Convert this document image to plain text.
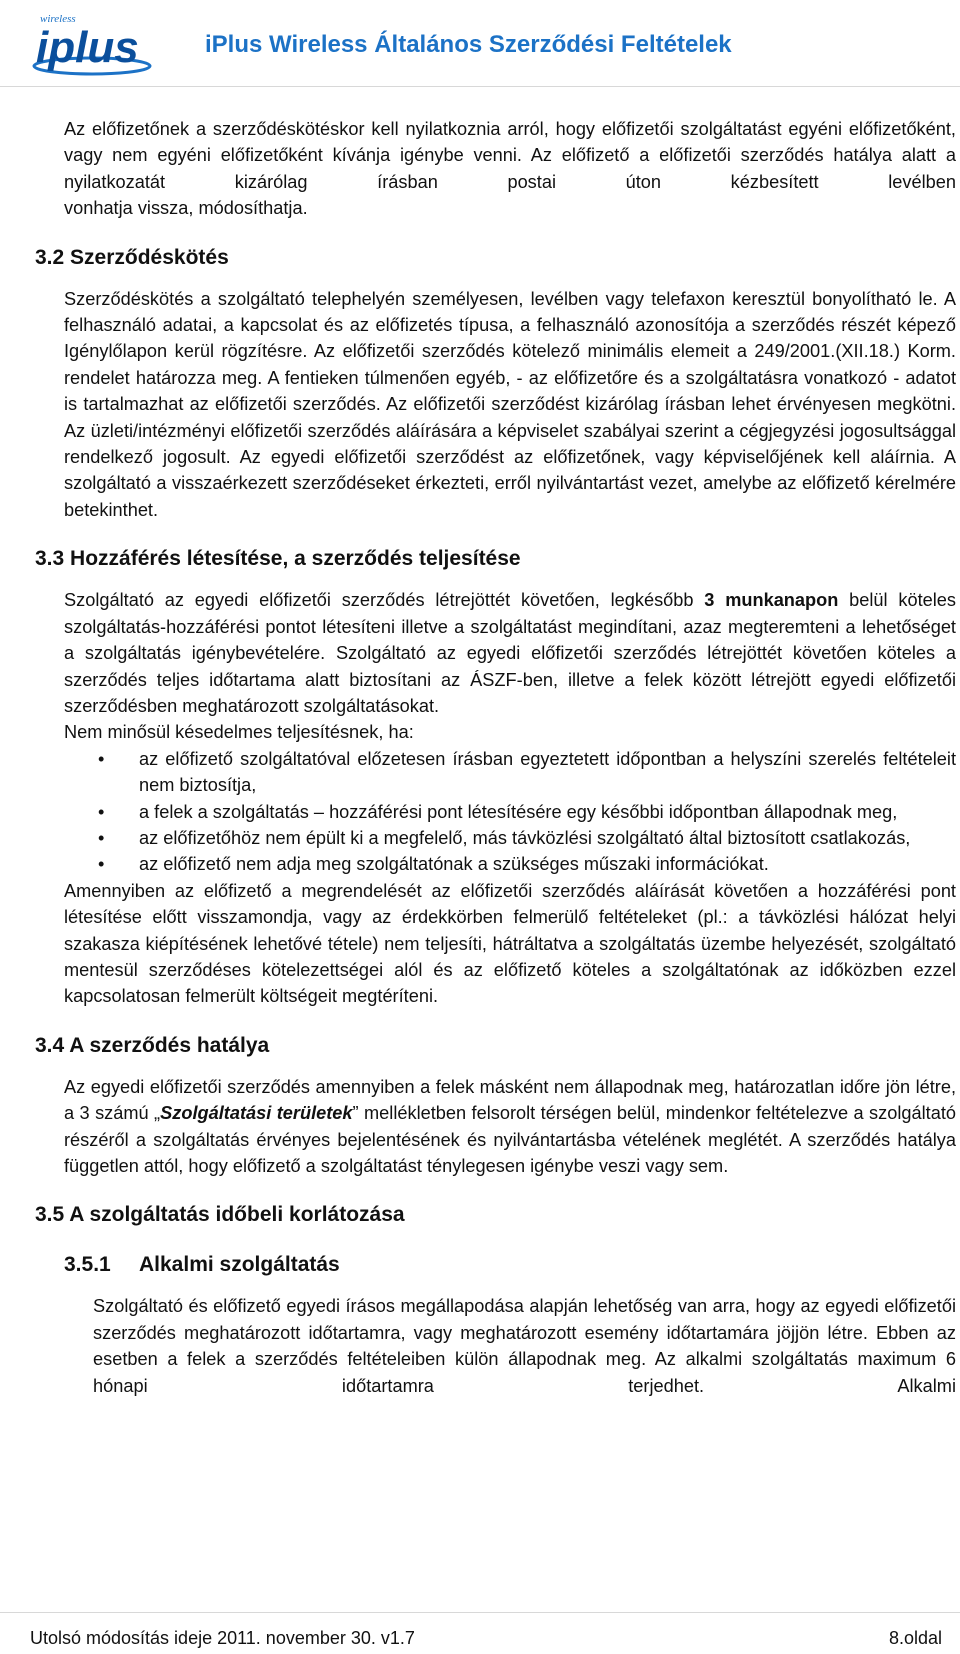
wireless
iplus	iPlus Wireless Általános Szerződési Feltételek

Az előfizetőnek a szerződéskötéskor kell nyilatkoznia arról, hogy előfizetői szolgáltatást egyéni előfizetőként, vagy nem egyéni előfizetőként kívánja igénybe venni. Az előfizető a előfizetői szerződés hatálya alatt a nyilatkozatát kizárólag írásban postai úton kézbesített levélben

vonhatja vissza, módosíthatja.

3.2 Szerződéskötés

Szerződéskötés a szolgáltató telephelyén személyesen, levélben vagy telefaxon keresztül bonyolítható le. A felhasználó adatai, a kapcsolat és az előfizetés típusa, a felhasználó azonosítója a szerződés részét képező Igénylőlapon kerül rögzítésre. Az előfizetői szerződés kötelező minimális elemeit a 249/2001.(XII.18.) Korm. rendelet határozza meg. A fentieken túlmenően egyéb, - az előfizetőre és a szolgáltatásra vonatkozó - adatot is tartalmazhat az előfizetői szerződés. Az előfizetői szerződést kizárólag írásban lehet érvényesen megkötni. Az üzleti/intézményi előfizetői szerződés aláírására a képviselet szabályai szerint a cégjegyzési jogosultsággal rendelkező jogosult. Az egyedi előfizetői szerződést az előfizetőnek, vagy képviselőjének kell aláírnia. A szolgáltató a visszaérkezett szerződéseket érkezteti, erről nyilvántartást vezet, amelybe az előfizető kérelmére betekinthet.

3.3 Hozzáférés létesítése, a szerződés teljesítése

Szolgáltató az egyedi előfizetői szerződés létrejöttét követően, legkésőbb 3 munkanapon belül köteles szolgáltatás-hozzáférési pontot létesíteni illetve a szolgáltatást megindítani, azaz megteremteni a lehetőséget a szolgáltatás igénybevételére. Szolgáltató az egyedi előfizetői szerződés létrejöttét követően köteles a szerződés teljes időtartama alatt biztosítani az ÁSZF-ben, illetve a felek között létrejött egyedi előfizetői szerződésben meghatározott szolgáltatásokat.

Nem minősül késedelmes teljesítésnek, ha:

• az előfizető szolgáltatóval előzetesen írásban egyeztetett időpontban a helyszíni szerelés feltételeit nem biztosítja,
• a felek a szolgáltatás – hozzáférési pont létesítésére egy későbbi időpontban állapodnak meg,
• az előfizetőhöz nem épült ki a megfelelő, más távközlési szolgáltató által biztosított csatlakozás,
• az előfizető nem adja meg szolgáltatónak a szükséges műszaki információkat.

Amennyiben az előfizető a megrendelését az előfizetői szerződés aláírását követően a hozzáférési pont létesítése előtt visszamondja, vagy az érdekkörben felmerülő feltételeket (pl.: a távközlési hálózat helyi szakasza kiépítésének lehetővé tétele) nem teljesíti, hátráltatva a szolgáltatás üzembe helyezését, szolgáltató mentesül szerződéses kötelezettségei alól és az előfizető köteles a szolgáltatónak az időközben ezzel kapcsolatosan felmerült költségeit megtéríteni.

3.4 A szerződés hatálya

Az egyedi előfizetői szerződés amennyiben a felek másként nem állapodnak meg, határozatlan időre jön létre, a 3 számú „Szolgáltatási területek” mellékletben felsorolt térségen belül, mindenkor feltételezve a szolgáltató részéről a szolgáltatás érvényes bejelentésének és nyilvántartásba vételének meglétét. A szerződés hatálya független attól, hogy előfizető a szolgáltatást ténylegesen igénybe veszi vagy sem.

3.5 A szolgáltatás időbeli korlátozása
3.5.1 Alkalmi szolgáltatás

Szolgáltató és előfizető egyedi írásos megállapodása alapján lehetőség van arra, hogy az egyedi előfizetői szerződés meghatározott időtartamra, vagy meghatározott esemény időtartamára jöjjön létre. Ebben az esetben a felek a szerződés feltételeiben külön állapodnak meg. Az alkalmi szolgáltatás maximum 6 hónapi időtartamra terjedhet. Alkalmi

Utolsó módosítás ideje 2011. november 30. v1.7	8.oldal
